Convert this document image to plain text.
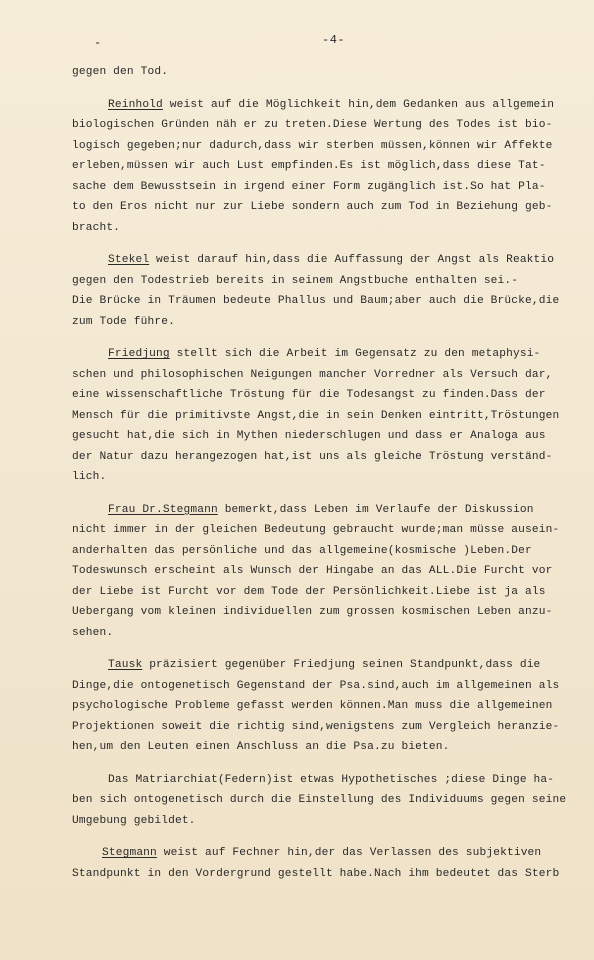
-	-4-
gegen den Tod.
Reinhold weist auf die Möglichkeit hin,dem Gedanken aus allgemein
biologischen Gründen näh er zu treten.Diese Wertung des Todes ist bio-
logisch gegeben;nur dadurch,dass wir sterben müssen,können wir Affekte
erleben,müssen wir auch Lust empfinden.Es ist möglich,dass diese Tat-
sache dem Bewusstsein in irgend einer Form zugänglich ist.So hat Pla-
to den Eros nicht nur zur Liebe sondern auch zum Tod in Beziehung geb-
bracht.
Stekel weist darauf hin,dass die Auffassung der Angst als Reaktio
gegen den Todestrieb bereits in seinem Angstbuche enthalten sei.-
Die Brücke in Träumen bedeute Phallus und Baum;aber auch die Brücke,die
zum Tode führe.
Friedjung stellt sich die Arbeit im Gegensatz zu den metaphysi-
schen und philosophischen Neigungen mancher Vorredner als Versuch dar,
eine wissenschaftliche Tröstung für die Todesangst zu finden.Dass der
Mensch für die primitivste Angst,die in sein Denken eintritt,Tröstungen
gesucht hat,die sich in Mythen niederschlugen und dass er Analoga aus
der Natur dazu herangezogen hat,ist uns als gleiche Tröstung verständ-
lich.
Frau Dr.Stegmann bemerkt,dass Leben im Verlaufe der Diskussion
nicht immer in der gleichen Bedeutung gebraucht wurde;man müsse ausein-
anderhalten das persönliche und das allgemeine(kosmische )Leben.Der
Todeswunsch erscheint als Wunsch der Hingabe an das ALL.Die Furcht vor
der Liebe ist Furcht vor dem Tode der Persönlichkeit.Liebe ist ja als
Uebergang vom kleinen individuellen zum grossen kosmischen Leben anzu-
sehen.
Tausk präzisiert gegenüber Friedjung seinen Standpunkt,dass die
Dinge,die ontogenetisch Gegenstand der Psa.sind,auch im allgemeinen als
psychologische Probleme gefasst werden können.Man muss die allgemeinen
Projektionen soweit die richtig sind,wenigstens zum Vergleich heranzie-
hen,um den Leuten einen Anschluss an die Psa.zu bieten.
Das Matriarchiat(Federn)ist etwas Hypothetisches ;diese Dinge ha-
ben sich ontogenetisch durch die Einstellung des Individuums gegen seine
Umgebung gebildet.
Stegmann weist auf Fechner hin,der das Verlassen des subjektiven
Standpunkt in den Vordergrund gestellt habe.Nach ihm bedeutet das Sterb
